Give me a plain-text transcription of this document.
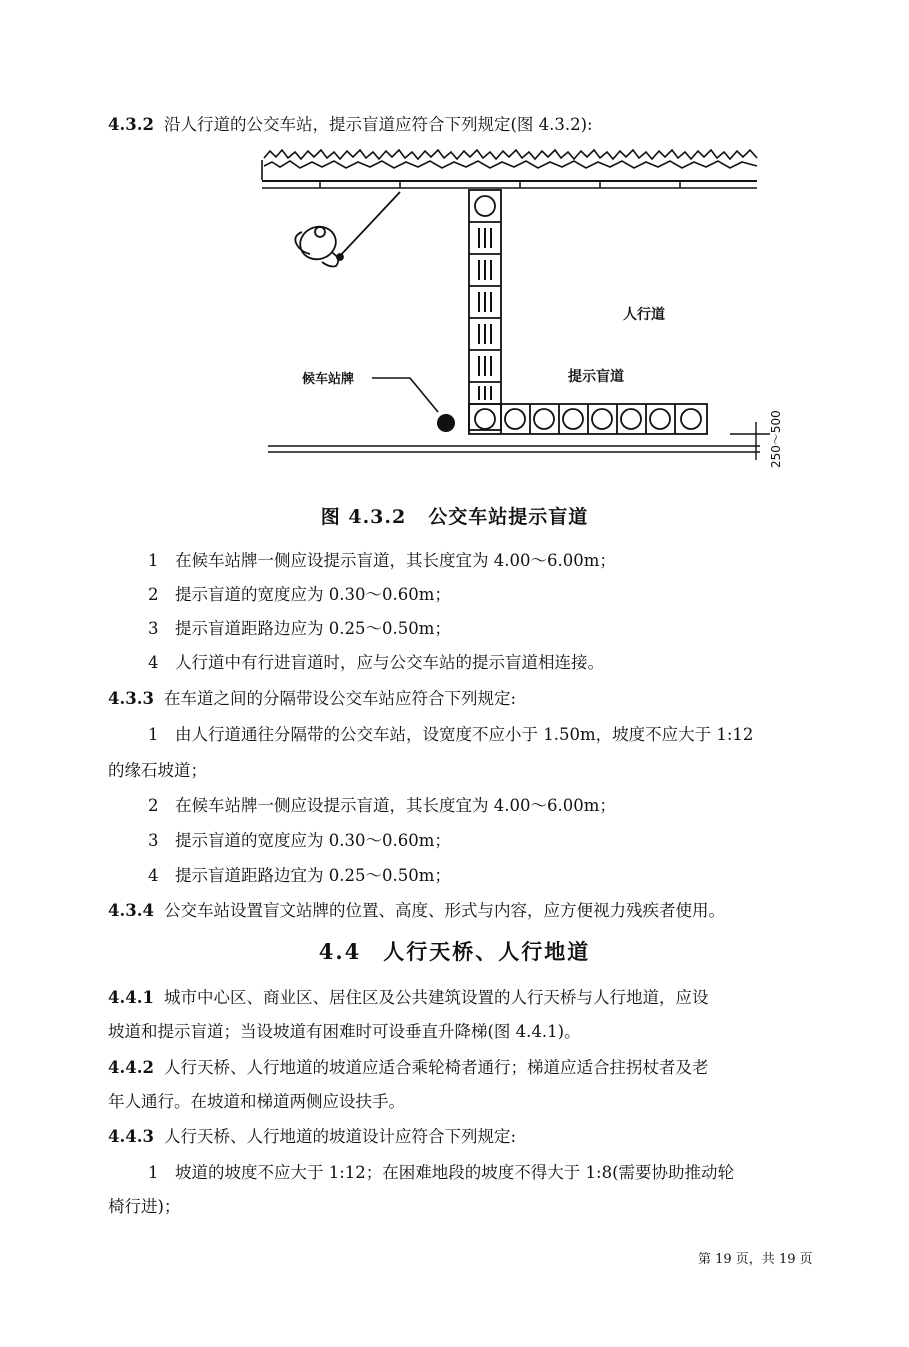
4.3.2 沿人行道的公交车站，提示盲道应符合下列规定(图 4.3.2):
人行道
提示盲道
候车站牌
250～500
图 4.3.2 公交车站提示盲道
1　在候车站牌一侧应设提示盲道，其长度宜为 4.00～6.00m；
2　提示盲道的宽度应为 0.30～0.60m；
3　提示盲道距路边应为 0.25～0.50m；
4　人行道中有行进盲道时，应与公交车站的提示盲道相连接。
4.3.3 在车道之间的分隔带设公交车站应符合下列规定:
1　由人行道通往分隔带的公交车站，设宽度不应小于 1.50m，坡度不应大于 1:12
的缘石坡道；
2　在候车站牌一侧应设提示盲道，其长度宜为 4.00～6.00m；
3　提示盲道的宽度应为 0.30～0.60m；
4　提示盲道距路边宜为 0.25～0.50m；
4.3.4 公交车站设置盲文站牌的位置、高度、形式与内容，应方便视力残疾者使用。
4.4 人行天桥、人行地道
4.4.1 城市中心区、商业区、居住区及公共建筑设置的人行天桥与人行地道，应设
坡道和提示盲道；当设坡道有困难时可设垂直升降梯(图 4.4.1)。
4.4.2 人行天桥、人行地道的坡道应适合乘轮椅者通行；梯道应适合拄拐杖者及老
年人通行。在坡道和梯道两侧应设扶手。
4.4.3 人行天桥、人行地道的坡道设计应符合下列规定:
1　坡道的坡度不应大于 1:12；在困难地段的坡度不得大于 1:8(需要协助推动轮
椅行进)；
第 19 页，共 19 页
